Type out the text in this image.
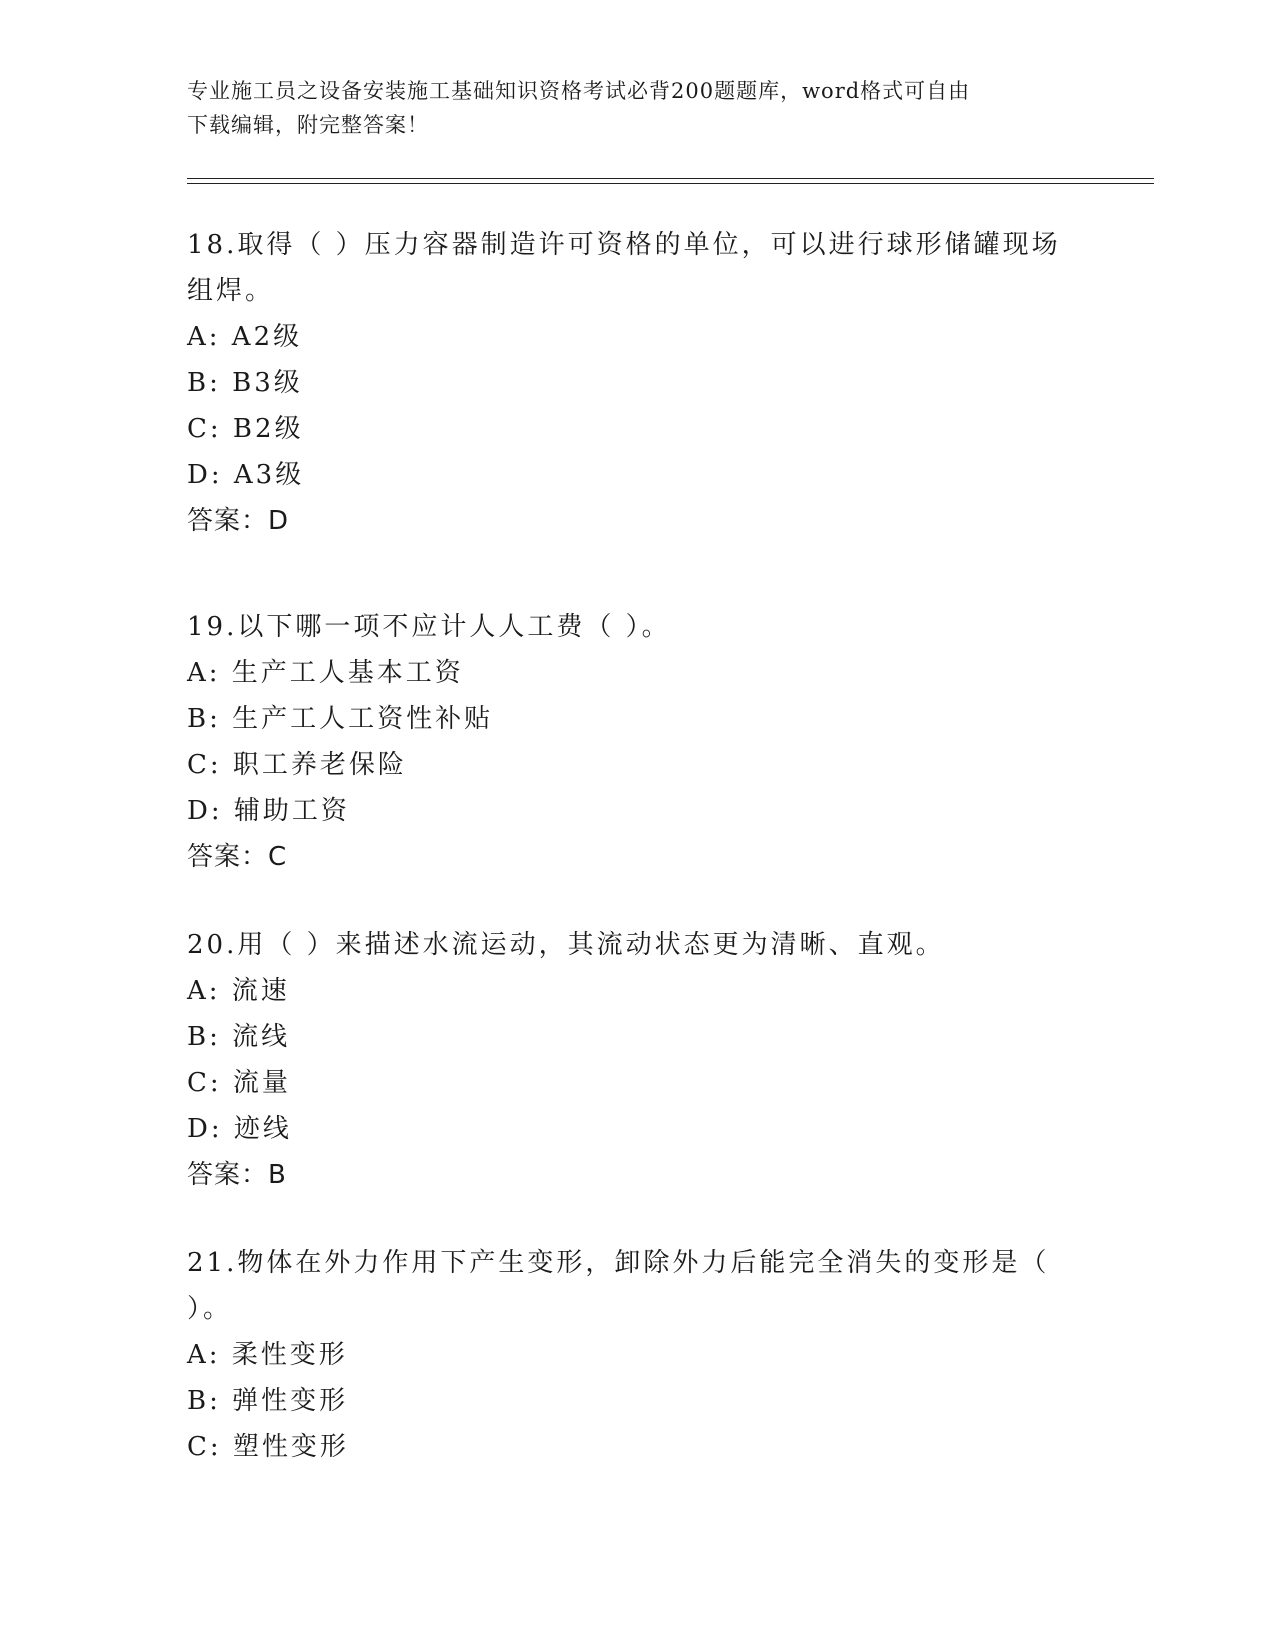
专业施工员之设备安装施工基础知识资格考试必背200题题库，word格式可自由
下载编辑，附完整答案！

18.取得（ ）压力容器制造许可资格的单位，可以进行球形储罐现场

组焊。

A: A2级

B: B3级

C: B2级

D: A3级

答案：D

19.以下哪一项不应计人人工费（ ）。

A: 生产工人基本工资

B: 生产工人工资性补贴

C: 职工养老保险

D: 辅助工资

答案：C

20.用（ ）来描述水流运动，其流动状态更为清晰、直观。

A: 流速

B: 流线

C: 流量

D: 迹线

答案：B

21.物体在外力作用下产生变形，卸除外力后能完全消失的变形是（

）。

A: 柔性变形

B: 弹性变形

C: 塑性变形
